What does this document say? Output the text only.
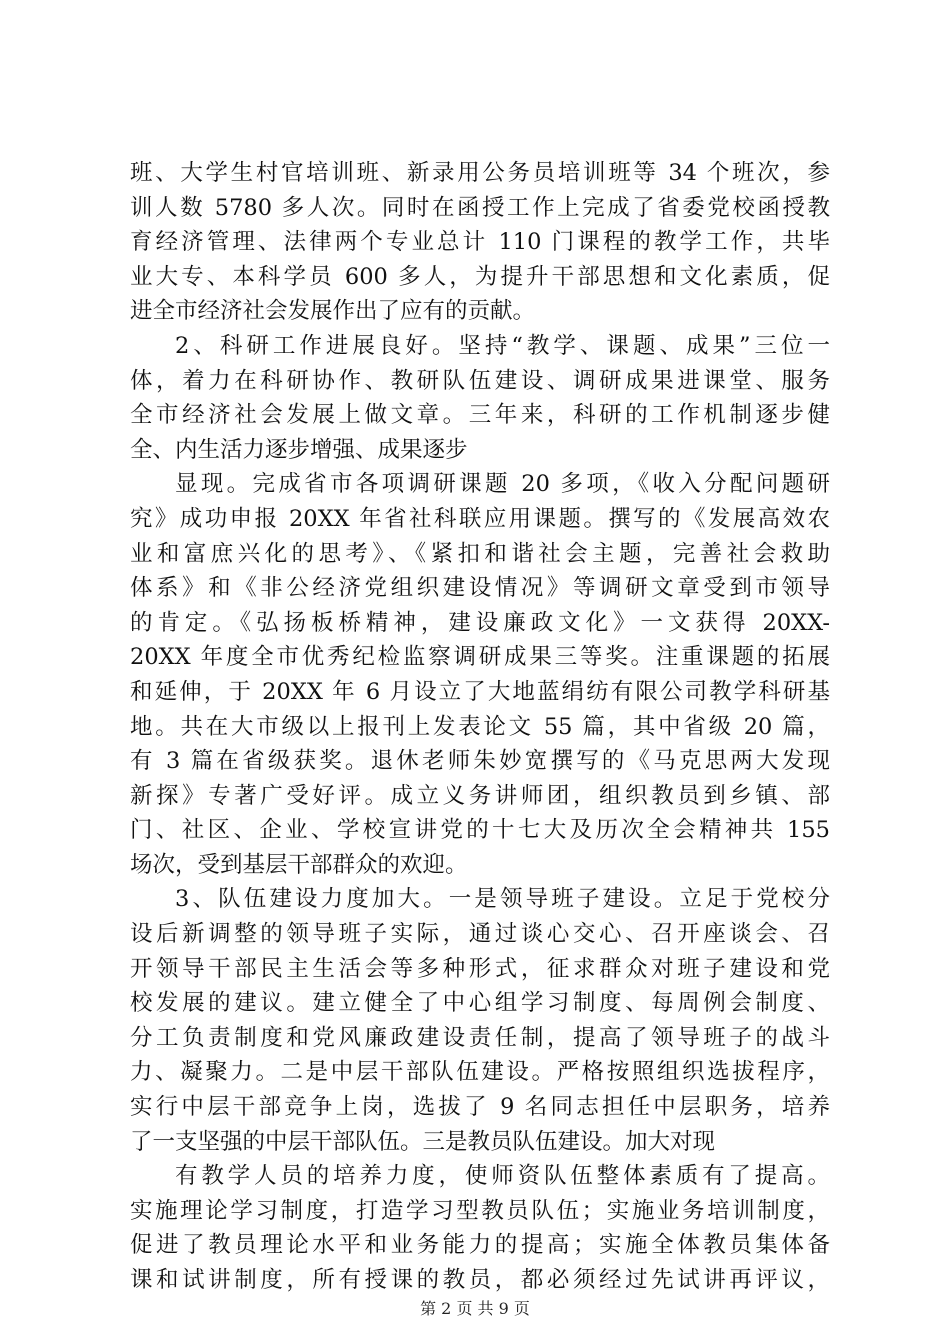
班、大学生村官培训班、新录用公务员培训班等 34 个班次，参
训人数 5780 多人次。同时在函授工作上完成了省委党校函授教
育经济管理、法律两个专业总计 110 门课程的教学工作，共毕
业大专、本科学员 600 多人，为提升干部思想和文化素质，促
进全市经济社会发展作出了应有的贡献。
2、科研工作进展良好。坚持“教学、课题、成果”三位一
体，着力在科研协作、教研队伍建设、调研成果进课堂、服务
全市经济社会发展上做文章。三年来，科研的工作机制逐步健
全、内生活力逐步增强、成果逐步
显现。完成省市各项调研课题 20 多项，《收入分配问题研
究》成功申报 20XX 年省社科联应用课题。撰写的《发展高效农
业和富庶兴化的思考》、《紧扣和谐社会主题，完善社会救助
体系》和《非公经济党组织建设情况》等调研文章受到市领导
的肯定。《弘扬板桥精神，建设廉政文化》一文获得 20XX-
20XX 年度全市优秀纪检监察调研成果三等奖。注重课题的拓展
和延伸，于 20XX 年 6 月设立了大地蓝绢纺有限公司教学科研基
地。共在大市级以上报刊上发表论文 55 篇，其中省级 20 篇，
有 3 篇在省级获奖。退休老师朱妙宽撰写的《马克思两大发现
新探》专著广受好评。成立义务讲师团，组织教员到乡镇、部
门、社区、企业、学校宣讲党的十七大及历次全会精神共 155
场次，受到基层干部群众的欢迎。
3、队伍建设力度加大。一是领导班子建设。立足于党校分
设后新调整的领导班子实际，通过谈心交心、召开座谈会、召
开领导干部民主生活会等多种形式，征求群众对班子建设和党
校发展的建议。建立健全了中心组学习制度、每周例会制度、
分工负责制度和党风廉政建设责任制，提高了领导班子的战斗
力、凝聚力。二是中层干部队伍建设。严格按照组织选拔程序，
实行中层干部竞争上岗，选拔了 9 名同志担任中层职务，培养
了一支坚强的中层干部队伍。三是教员队伍建设。加大对现
有教学人员的培养力度，使师资队伍整体素质有了提高。
实施理论学习制度，打造学习型教员队伍；实施业务培训制度，
促进了教员理论水平和业务能力的提高；实施全体教员集体备
课和试讲制度，所有授课的教员，都必须经过先试讲再评议，
第 2 页 共 9 页
